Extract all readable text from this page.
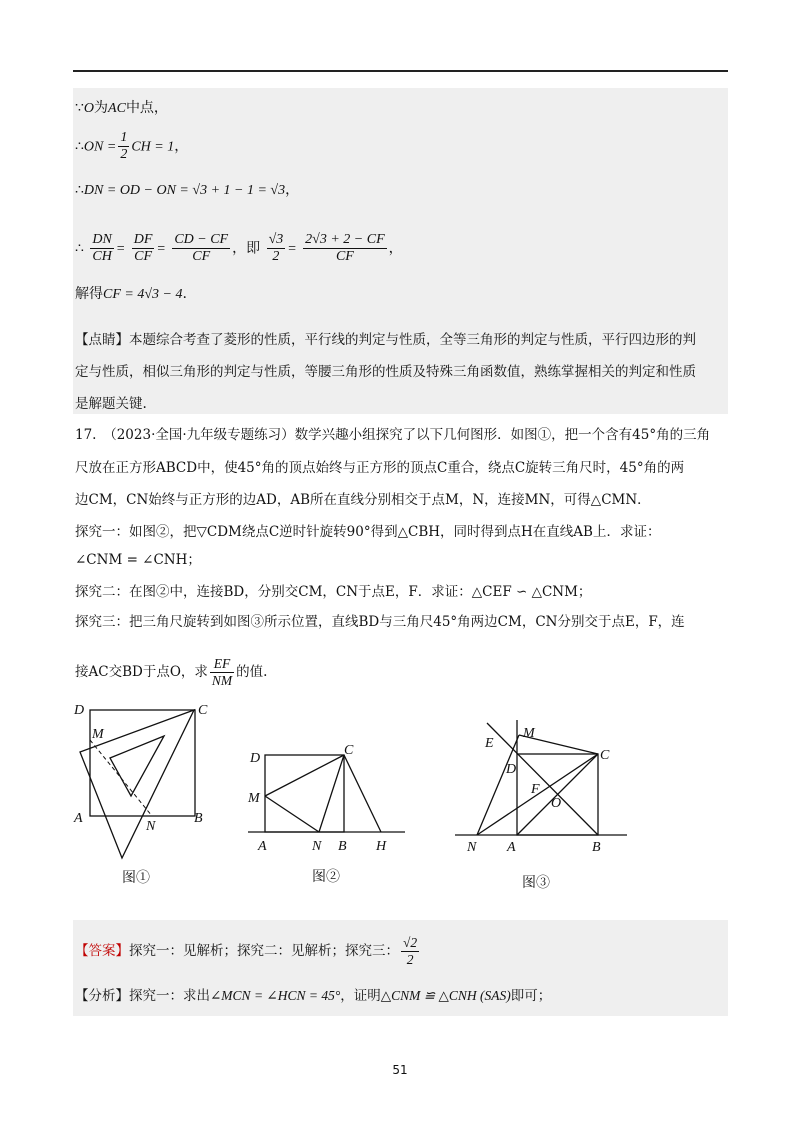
∵O为AC中点，
∴ON = $\frac{1}{2}$ CH = 1，
∴DN = OD − ON = √3 + 1 − 1 = √3，
∴ $\frac{DN}{CH} = \frac{DF}{CF} = \frac{CD - CF}{CF}$ ，即 $\frac{√3}{2} = \frac{2√3 + 2 - CF}{CF}$ ，
解得CF = 4√3 − 4.
【点睛】本题综合考查了菱形的性质，平行线的判定与性质，全等三角形的判定与性质，平行四边形的判
定与性质，相似三角形的判定与性质，等腰三角形的性质及特殊三角函数值，熟练掌握相关的判定和性质
是解题关键.
17.　（2023·全国·九年级专题练习）数学兴趣小组探究了以下几何图形．如图①，把一个含有45°角的三角
尺放在正方形ABCD中，使45°角的顶点始终与正方形的顶点C重合，绕点C旋转三角尺时，45°角的两
边CM，CN始终与正方形的边AD，AB所在直线分别相交于点M，N，连接MN，可得△CMN．
探究一：如图②，把▽CDM绕点C逆时针旋转90°得到△CBH，同时得到点H在直线AB上．求证：
∠CNM = ∠CNH；
探究二：在图②中，连接BD，分别交CM，CN于点E，F．求证：△CEF ∽ △CNM；
探究三：把三角尺旋转到如图③所示位置，直线BD与三角尺45°角两边CM，CN分别交于点E，F，连
接AC交BD于点O，求 $\frac{EF}{NM}$ 的值.
D	C
M
A
N
B
图①
D
C
M
A	N B H
图②
M
E
D
C
F
O
N A	B
图③
【答案】探究一：见解析；探究二：见解析；探究三： $\frac{√2}{2}$
【分析】探究一：求出∠MCN = ∠HCN = 45°，证明△CNM ≌ △CNH (SAS)即可；
51
